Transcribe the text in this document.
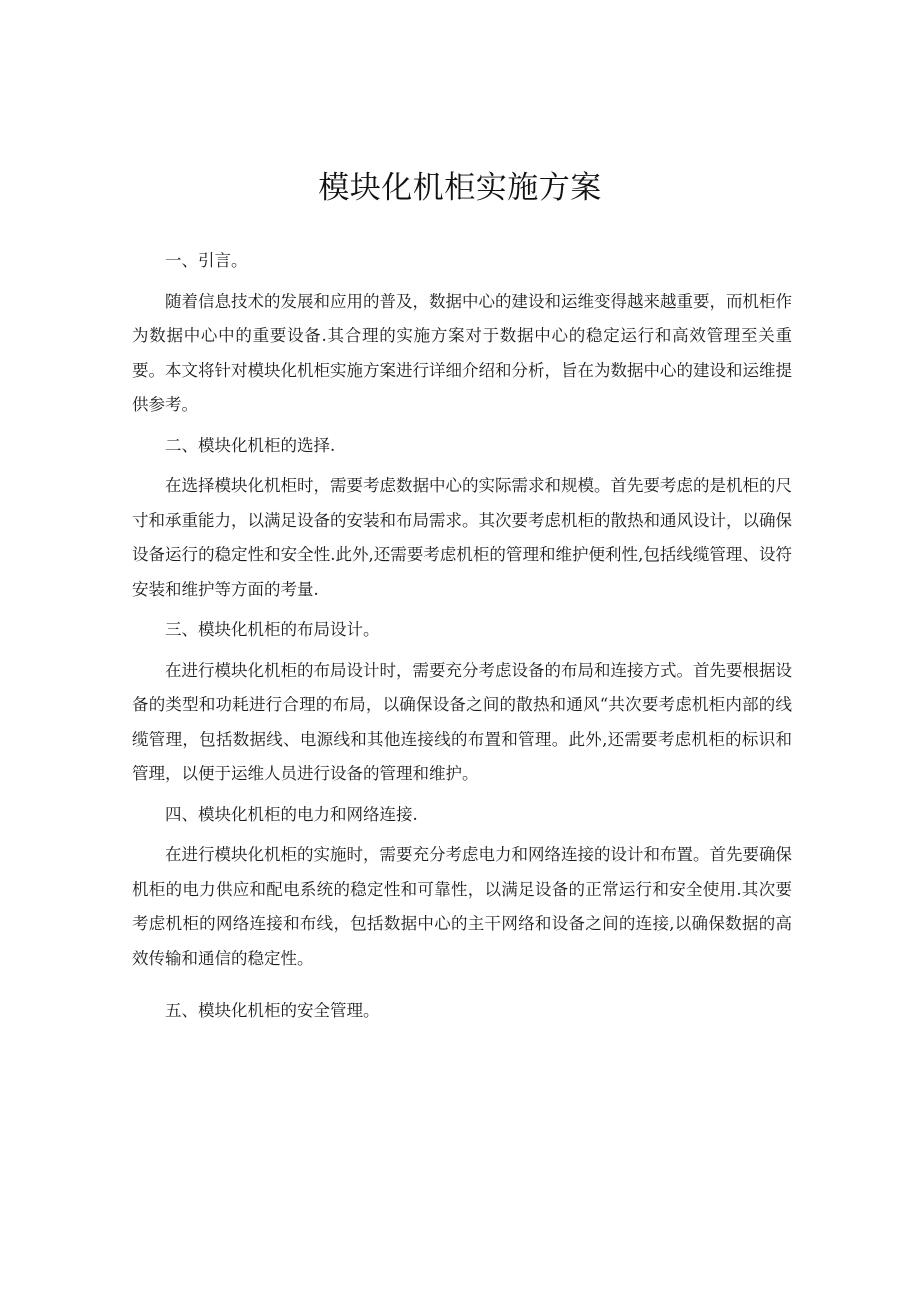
模块化机柜实施方案

一、引言。

随着信息技术的发展和应用的普及，数据中心的建设和运维变得越来越重要，而机柜作为数据中心中的重要设备.其合理的实施方案对于数据中心的稳定运行和高效管理至关重要。本文将针对模块化机柜实施方案进行详细介绍和分析，旨在为数据中心的建设和运维提供参考。

二、模块化机柜的选择.

在选择模块化机柜时，需要考虑数据中心的实际需求和规模。首先要考虑的是机柜的尺寸和承重能力，以满足设备的安装和布局需求。其次要考虑机柜的散热和通风设计，以确保设备运行的稳定性和安全性.此外,还需要考虑机柜的管理和维护便利性,包括线缆管理、设符安装和维护等方面的考量.

三、模块化机柜的布局设计。

在进行模块化机柜的布局设计时，需要充分考虑设备的布局和连接方式。首先要根据设备的类型和功耗进行合理的布局，以确保设备之间的散热和通风“共次要考虑机柜内部的线缆管理，包括数据线、电源线和其他连接线的布置和管理。此外,还需要考虑机柜的标识和管理，以便于运维人员进行设备的管理和维护。

四、模块化机柜的电力和网络连接.

在进行模块化机柜的实施时，需要充分考虑电力和网络连接的设计和布置。首先要确保机柜的电力供应和配电系统的稳定性和可靠性，以满足设备的正常运行和安全使用.其次要考虑机柜的网络连接和布线，包括数据中心的主干网络和设备之间的连接,以确保数据的高效传输和通信的稳定性。

五、模块化机柜的安全管理。
